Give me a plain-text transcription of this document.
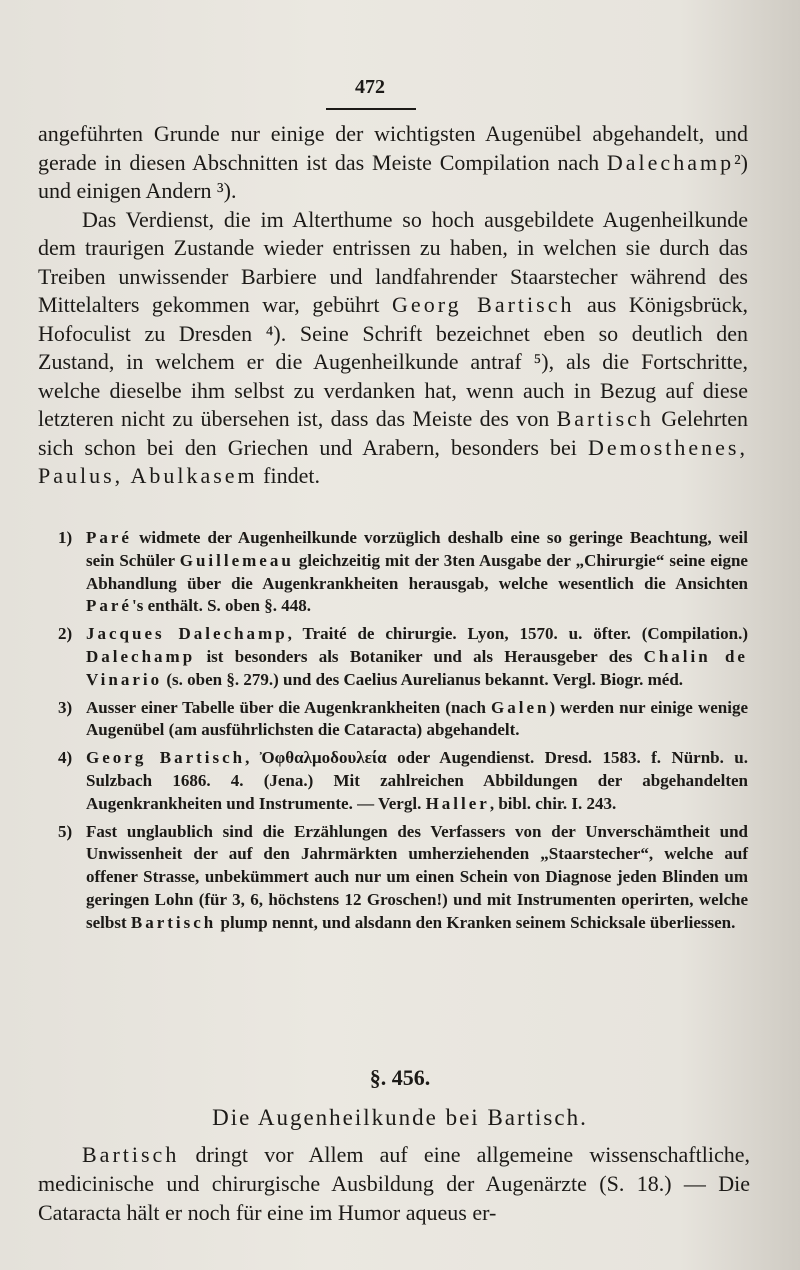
472

angeführten Grunde nur einige der wichtigsten Augenübel abgehandelt, und gerade in diesen Abschnitten ist das Meiste Compilation nach Dalechamp²) und einigen Andern ³).

Das Verdienst, die im Alterthume so hoch ausgebildete Augenheilkunde dem traurigen Zustande wieder entrissen zu haben, in welchen sie durch das Treiben unwissender Barbiere und landfahrender Staarstecher während des Mittelalters gekommen war, gebührt Georg Bartisch aus Königsbrück, Hofoculist zu Dresden ⁴). Seine Schrift bezeichnet eben so deutlich den Zustand, in welchem er die Augenheilkunde antraf ⁵), als die Fortschritte, welche dieselbe ihm selbst zu verdanken hat, wenn auch in Bezug auf diese letzteren nicht zu übersehen ist, dass das Meiste des von Bartisch Gelehrten sich schon bei den Griechen und Arabern, besonders bei Demosthenes, Paulus, Abulkasem findet.

1) Paré widmete der Augenheilkunde vorzüglich deshalb eine so geringe Beachtung, weil sein Schüler Guillemeau gleichzeitig mit der 3ten Ausgabe der „Chirurgie“ seine eigne Abhandlung über die Augenkrankheiten herausgab, welche wesentlich die Ansichten Paré's enthält. S. oben §. 448.

2) Jacques Dalechamp, Traité de chirurgie. Lyon, 1570. u. öfter. (Compilation.) Dalechamp ist besonders als Botaniker und als Herausgeber des Chalin de Vinario (s. oben §. 279.) und des Caelius Aurelianus bekannt. Vergl. Biogr. méd.

3) Ausser einer Tabelle über die Augenkrankheiten (nach Galen) werden nur einige wenige Augenübel (am ausführlichsten die Cataracta) abgehandelt.

4) Georg Bartisch, Ὀφθαλμοδουλεία oder Augendienst. Dresd. 1583. f. Nürnb. u. Sulzbach 1686. 4. (Jena.) Mit zahlreichen Abbildungen der abgehandelten Augenkrankheiten und Instrumente. — Vergl. Haller, bibl. chir. I. 243.

5) Fast unglaublich sind die Erzählungen des Verfassers von der Unverschämtheit und Unwissenheit der auf den Jahrmärkten umherziehenden „Staarstecher“, welche auf offener Strasse, unbekümmert auch nur um einen Schein von Diagnose jeden Blinden um geringen Lohn (für 3, 6, höchstens 12 Groschen!) und mit Instrumenten operirten, welche selbst Bartisch plump nennt, und alsdann den Kranken seinem Schicksale überliessen.

§. 456.
Die Augenheilkunde bei Bartisch.

Bartisch dringt vor Allem auf eine allgemeine wissenschaftliche, medicinische und chirurgische Ausbildung der Augenärzte (S. 18.) — Die Cataracta hält er noch für eine im Humor aqueus er-
